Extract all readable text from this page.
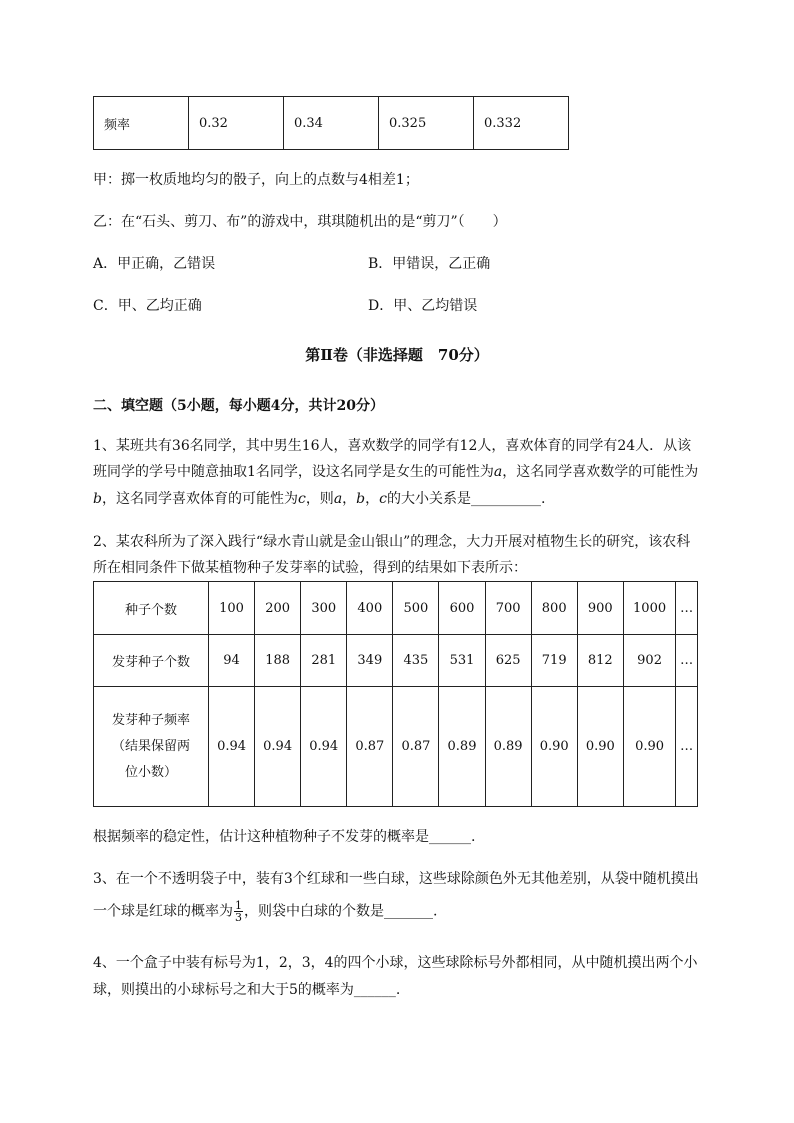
频率	0.32	0.34	0.325	0.332
甲：掷一枚质地均匀的骰子，向上的点数与4相差1；
乙：在“石头、剪刀、布”的游戏中，琪琪随机出的是“剪刀”（　　）
A．甲正确，乙错误	B．甲错误，乙正确
C．甲、乙均正确	D．甲、乙均错误
第Ⅱ卷（非选择题　70分）
二、填空题（5小题，每小题4分，共计20分）
1、某班共有36名同学，其中男生16人，喜欢数学的同学有12人，喜欢体育的同学有24人．从该
班同学的学号中随意抽取1名同学，设这名同学是女生的可能性为a，这名同学喜欢数学的可能性为
b，这名同学喜欢体育的可能性为c，则a，b，c的大小关系是__________.
2、某农科所为了深入践行“绿水青山就是金山银山”的理念，大力开展对植物生长的研究，该农科
所在相同条件下做某植物种子发芽率的试验，得到的结果如下表所示：
种子个数	100	200	300	400	500	600	700	800	900	1000	…
发芽种子个数	94	188	281	349	435	531	625	719	812	902	…

发芽种子频率
（结果保留两
位小数）	0.94	0.94	0.94	0.87	0.87	0.89	0.89	0.90	0.90	0.90	…
根据频率的稳定性，估计这种植物种子不发芽的概率是______.
3、在一个不透明袋子中，装有3个红球和一些白球，这些球除颜色外无其他差别，从袋中随机摸出
一个球是红球的概率为 $\frac{1}{3}$ ，则袋中白球的个数是_______.
4、一个盒子中装有标号为1，2，3，4的四个小球，这些球除标号外都相同，从中随机摸出两个小
球，则摸出的小球标号之和大于5的概率为______.
